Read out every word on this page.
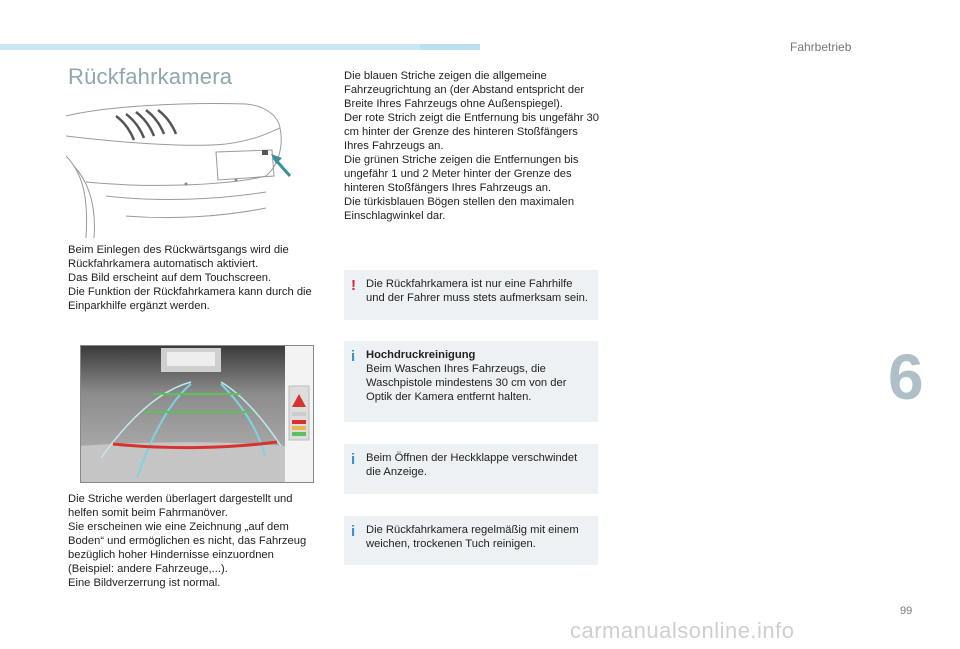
Fahrbetrieb
Rückfahrkamera

Beim Einlegen des Rückwärtsgangs wird die Rückfahrkamera automatisch aktiviert.

Das Bild erscheint auf dem Touchscreen.

Die Funktion der Rückfahrkamera kann durch die Einparkhilfe ergänzt werden.

Die Striche werden überlagert dargestellt und helfen somit beim Fahrmanöver.

Sie erscheinen wie eine Zeichnung „auf dem Boden“ und ermöglichen es nicht, das Fahrzeug bezüglich hoher Hindernisse einzuordnen (Beispiel: andere Fahrzeuge,...).

Eine Bildverzerrung ist normal.

Die blauen Striche zeigen die allgemeine Fahrzeugrichtung an (der Abstand entspricht der Breite Ihres Fahrzeugs ohne Außenspiegel).

Der rote Strich zeigt die Entfernung bis ungefähr 30 cm hinter der Grenze des hinteren Stoßfängers Ihres Fahrzeugs an.

Die grünen Striche zeigen die Entfernungen bis ungefähr 1 und 2 Meter hinter der Grenze des hinteren Stoßfängers Ihres Fahrzeugs an.

Die türkisblauen Bögen stellen den maximalen Einschlagwinkel dar.

! Die Rückfahrkamera ist nur eine Fahrhilfe und der Fahrer muss stets aufmerksam sein.

i Hochdruckreinigung

Beim Waschen Ihres Fahrzeugs, die Waschpistole mindestens 30 cm von der Optik der Kamera entfernt halten.

i Beim Öffnen der Heckklappe verschwindet die Anzeige.

i Die Rückfahrkamera regelmäßig mit einem weichen, trockenen Tuch reinigen.

6
99
carmanualsonline.info
